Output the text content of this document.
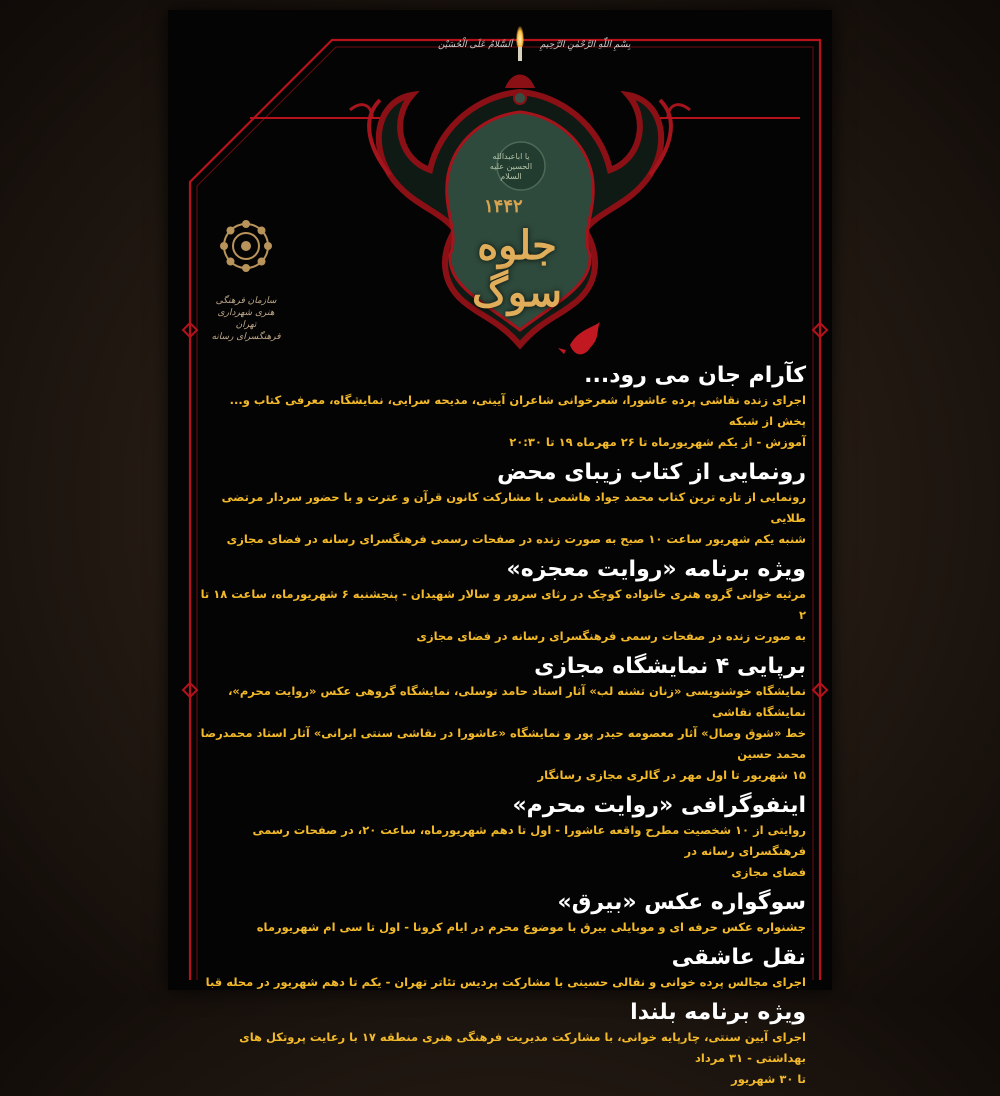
بِسْمِ اللّٰهِ الرَّحْمٰنِ الرَّحِیمِ
اَلسَّلامُ عَلَی الْحُسَیْن
سازمان فرهنگی هنری شهرداری تهران
فرهنگسرای رسانه
یا اباعبدالله الحسین علیه السلام
۱۴۴۲
جلوه سوگ
کآرام جان می رود...

اجرای زنده نقاشی پرده عاشورا، شعرخوانی شاعران آیینی، مدیحه سرایی، نمایشگاه، معرفی کتاب و... پخش از شبکه

آموزش - از یکم شهریورماه تا ۲۶ مهرماه ۱۹ تا ۲۰:۳۰

رونمایی از کتاب زیبای محض

رونمایی از تازه ترین کتاب محمد جواد هاشمی با مشارکت کانون قرآن و عترت و با حضور سردار مرتضی طلایی

شنبه یکم شهریور ساعت ۱۰ صبح به صورت زنده در صفحات رسمی فرهنگسرای رسانه در فضای مجازی

ویژه برنامه «روایت معجزه»

مرثیه خوانی گروه هنری خانواده کوچک در رثای سرور و سالار شهیدان - پنجشنبه ۶ شهریورماه، ساعت ۱۸ تا ۲

به صورت زنده در صفحات رسمی فرهنگسرای رسانه در فضای مجازی

برپایی ۴ نمایشگاه مجازی

نمایشگاه خوشنویسی «زنان تشنه لب» آثار استاد حامد توسلی، نمایشگاه گروهی عکس «روایت محرم»، نمایشگاه نقاشی

خط «شوق وصال» آثار معصومه حیدر پور و نمایشگاه «عاشورا در نقاشی سنتی ایرانی» آثار استاد محمدرضا محمد حسین

۱۵ شهریور تا اول مهر در گالری مجازی رسانگار

اینفوگرافی «روایت محرم»

روایتی از ۱۰ شخصیت مطرح واقعه عاشورا - اول تا دهم شهریورماه، ساعت ۲۰، در صفحات رسمی فرهنگسرای رسانه در

فضای مجازی

سوگواره عکس «بیرق»

جشنواره عکس حرفه ای و موبایلی بیرق با موضوع محرم در ایام کرونا - اول تا سی ام شهریورماه

نقل عاشقی

اجرای مجالس پرده خوانی و نقالی حسینی با مشارکت پردیس تئاتر تهران - یکم تا دهم شهریور در محله قبا

ویژه برنامه بلندا

اجرای آیین سنتی، چارپایه خوانی، با مشارکت مدیریت فرهنگی هنری منطقه ۱۷ با رعایت پروتکل های بهداشتی - ۳۱ مرداد

تا ۳۰ شهریور
